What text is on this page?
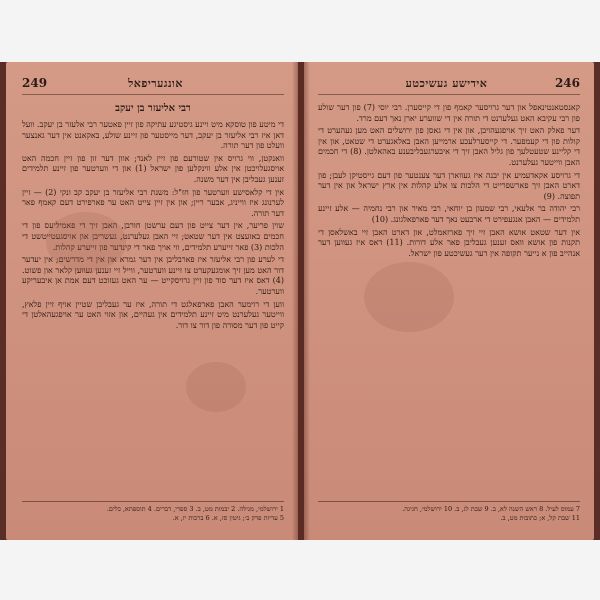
249	אונגעריפאל
רבי אליעזר בן יעקב

די מיטע פון טוסקא מיט ויינע גיסטיגע עתיקה פון זיין פאטער רבי אלעזר בן יעקב. וועל דאן איז רבי אליעזר בן יעקב, דער מייסטער פון זיינע שולע, באקאנט אין דער גאנצער וועלט פון דער תורה.

וואנקטן, ווי גרויס אין שטורעם פון זיין לאנד; אוון דער זון פון זיין חכמה האט אויסגעלויכטן אין אלע ווינקלען פון ישראל (1) און די ווערטער פון זיינע תלמידים זענען געבליבן אין דער משנה.

אין די קלאסישע ווערטער פון חז"ל: משנת רבי אליעזר בן יעקב קב ונקי (2) — זיין לערנונג איז ווייניג, אבער ריין; און אין זיין צייט האט ער פארפירט דעם קאמף פאר דער תורה.

שוין פריער, אין דער צייט פון דעם ערשטן חורבן, האבן זיך די פאמיליעס פון די חכמים באזעצט אין דער שטאט; זיי האבן געלערנט, געשריבן און אויסגעטייטשט די הלכות (3) פאר זייערע תלמידים, ווי אויך פאר די קינדער פון זייערע קהלות.

די לערע פון רבי אליעזר איז פארבליבן אין דער גמרא און אין די מדרשים; אין יעדער דור האט מען זיך אומגעקערט צו זיינע ווערטער, ווייל זיי זענען געווען קלאר און פשוט. (4) דאס איז דער סוד פון זיין גרויסקייט — ער האט געזוכט דעם אמת אן איבעריקע ווערטער.

ווען די רוימער האבן פארפאלגט די תורה, איז ער געבליבן שטיין אויף זיין פלאץ, ווייטער געלערנט מיט זיינע תלמידים אין געהיים, און אזוי האט ער אויפגעהאלטן די קייט פון דער מסורה פון דור צו דור.

1 ירושלמי, מגילה. 2 יבמות מט, ב. 3 ספרי, דברים. 4 תוספתא, כלים.
5 עדיות פרק ב׳; גיטין סז, א. 6 ברכות יז, א.
אידישע געשיכטע	246

קאנסטאנטינאפל און דער גרויסער קאמף פון די קייסערן. רבי יוסי (7) פון דער שולע פון רבי עקיבא האט געלערנט די תורה אין די שווערע יארן נאך דעם מרד.

דער פאלק האט זיך אויפגעהויבן, און אין די גאסן פון ירושלים האט מען געהערט די קולות פון די קעמפער. די קייסערלעכע ארמייען האבן באלאגערט די שטאט, און אין די קליינע שטעטלעך פון גליל האבן זיך די איבערגעבליבענע באהאלטן. (8) די חכמים האבן ווייטער געלערנט.

די גרויסע אקאדעמיע אין יבנה איז געווארן דער צענטער פון דעם גייסטיקן לעבן; פון דארט האבן זיך פארשפרייט די הלכות צו אלע קהלות אין ארץ ישראל און אין דער תפוצה. (9)

רבי יהודה בר אלעאי, רבי שמעון בן יוחאי, רבי מאיר און רבי נחמיה — אלע זיינע תלמידים — האבן אנגעפירט די ארבעט נאך דער פארפאלגונג. (10)

אין דער שטאט אושא האבן זיי זיך פארזאמלט, און דארט האבן זיי באשלאסן די תקנות פון אושא וואס זענען געבליבן פאר אלע דורות. (11) דאס איז געווען דער אנהייב פון א נייער תקופה אין דער געשיכטע פון ישראל.

7 עמוס לעיל. 8 ראש השנה לא, ב. 9 שבת לג, ב. 10 ירושלמי, חגיגה.
11 שבת קל, א; כתובות מט, ב.
